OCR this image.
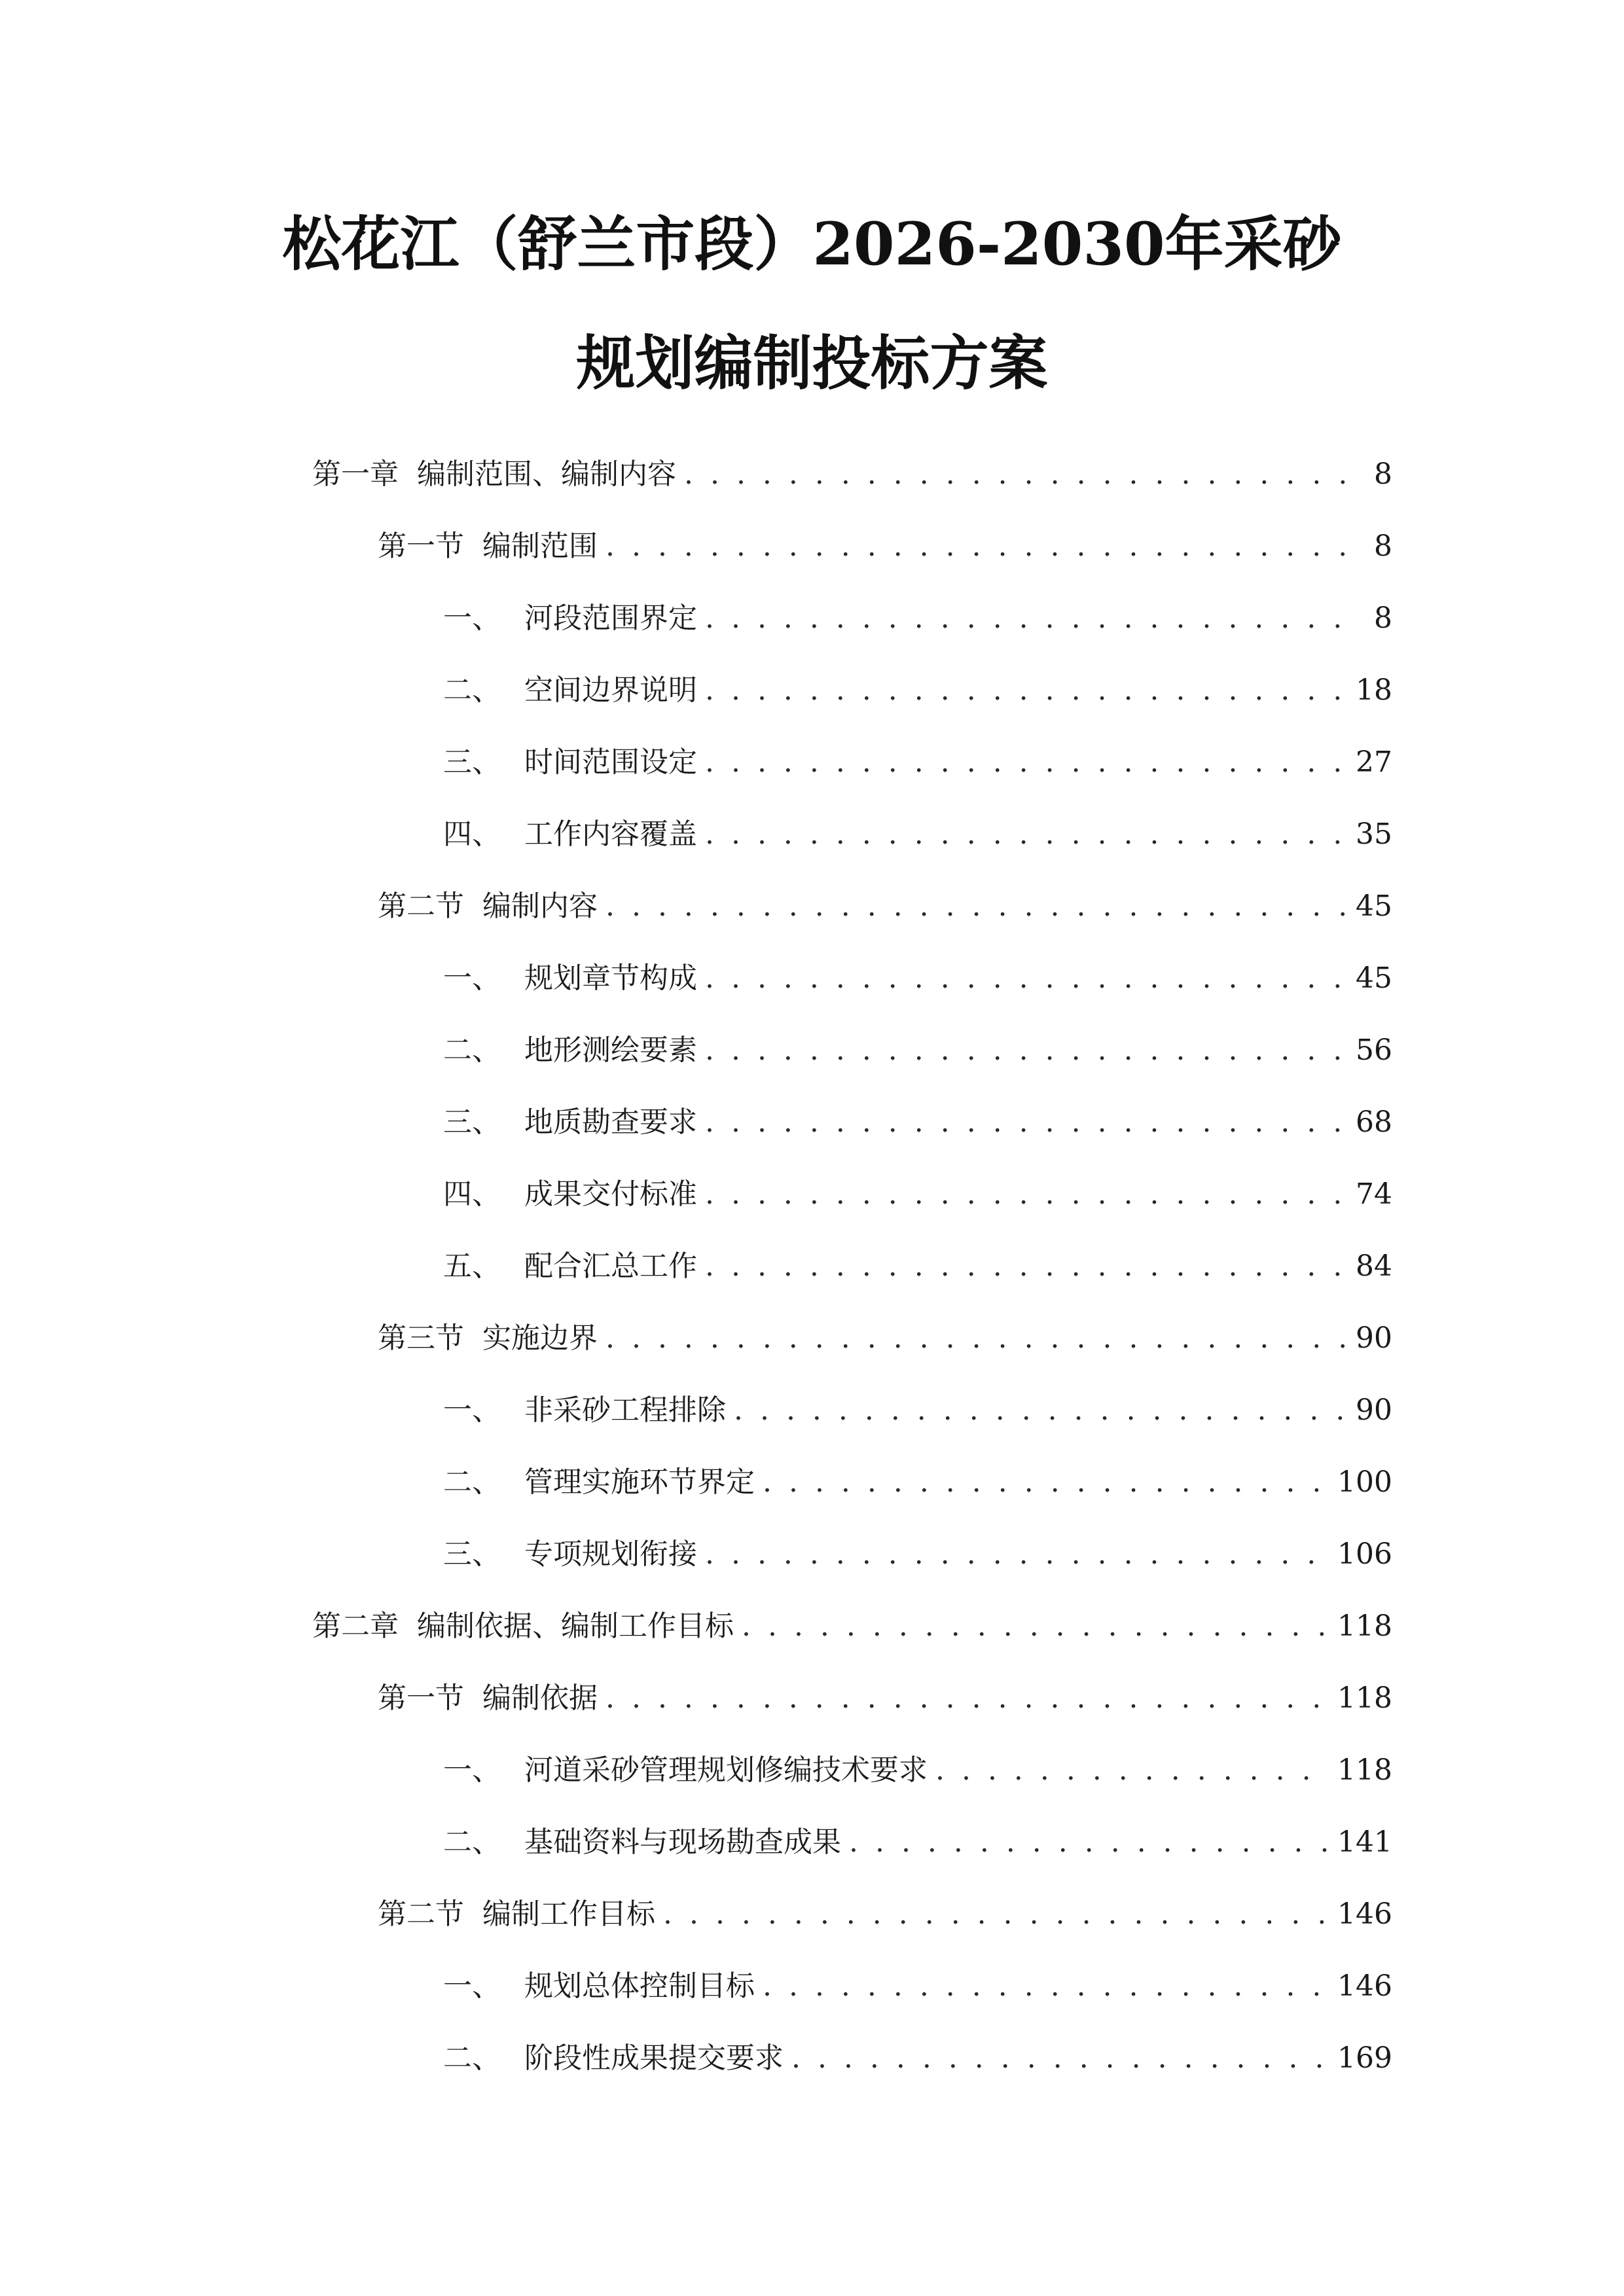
松花江（舒兰市段）2026-2030年采砂
规划编制投标方案
第一章 编制范围、编制内容 . . .	8
第一节 编制范围 . . .	8
一、 河段范围界定 . . .	8
二、 空间边界说明 . . .	18
三、 时间范围设定 . . .	27
四、 工作内容覆盖 . . .	35
第二节 编制内容 . . .	45
一、 规划章节构成 . . .	45
二、 地形测绘要素 . . .	56
三、 地质勘查要求 . . .	68
四、 成果交付标准 . . .	74
五、 配合汇总工作 . . .	84
第三节 实施边界 . . .	90
一、 非采砂工程排除 . . .	90
二、 管理实施环节界定 . . .	100
三、 专项规划衔接 . . .	106
第二章 编制依据、编制工作目标 . . .	118
第一节 编制依据 . . .	118
一、 河道采砂管理规划修编技术要求 . . .	118
二、 基础资料与现场勘查成果 . . .	141
第二节 编制工作目标 . . .	146
一、 规划总体控制目标 . . .	146
二、 阶段性成果提交要求 . . .	169
